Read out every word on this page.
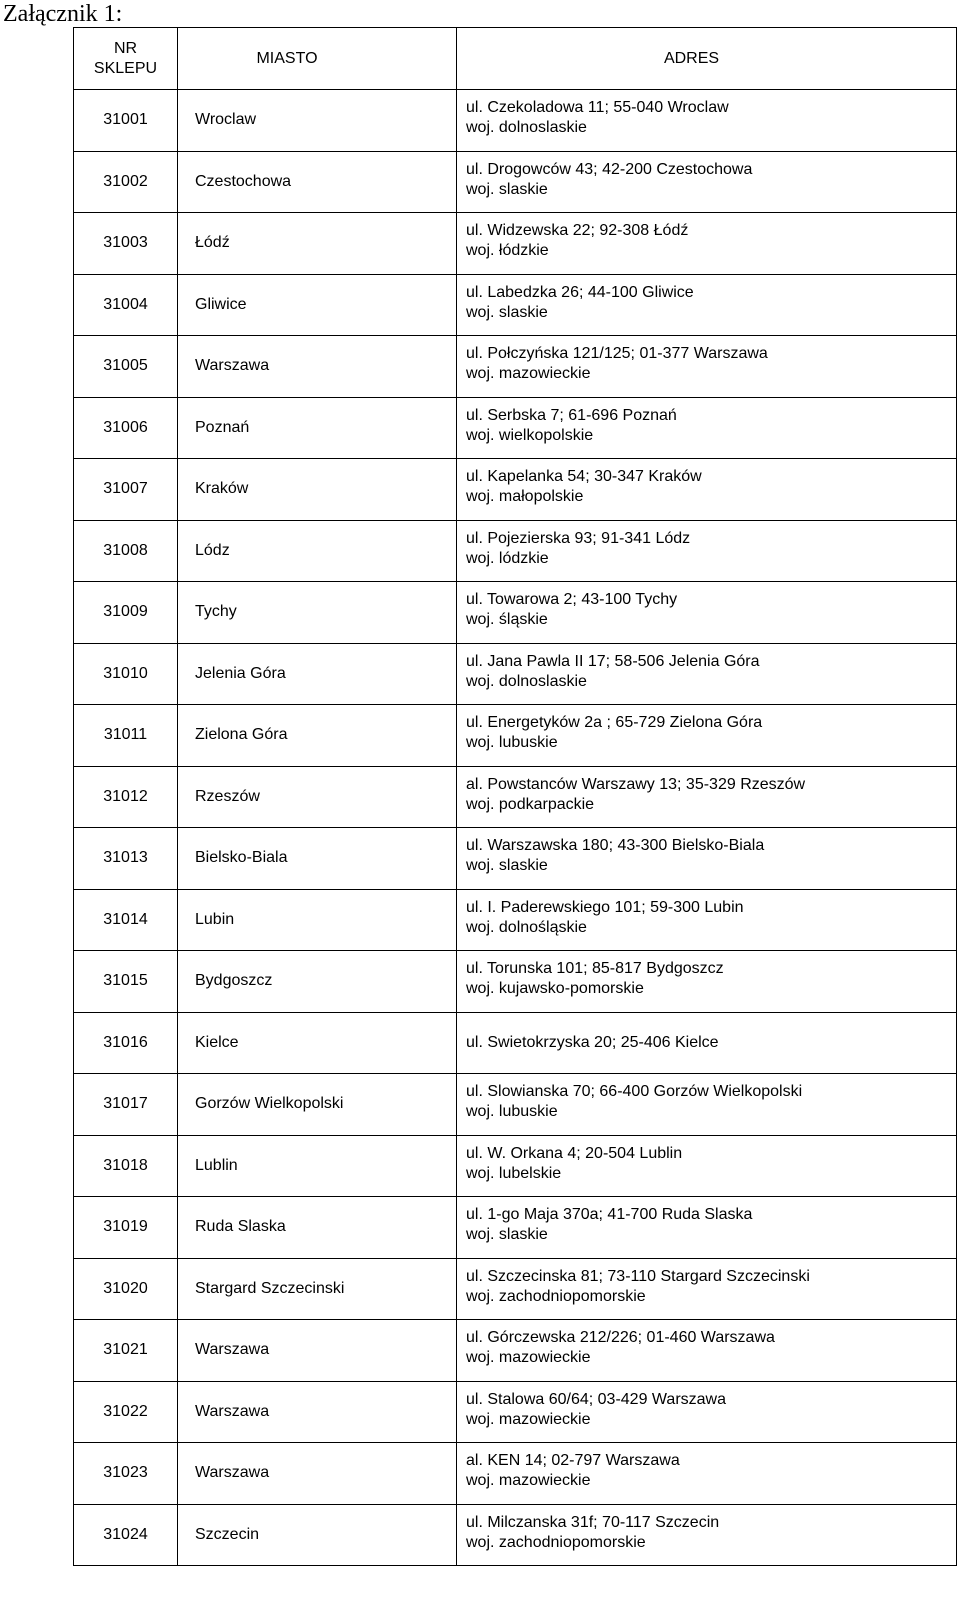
Załącznik 1:
NR
SKLEPU	MIASTO	ADRES
31001	Wroclaw	ul. Czekoladowa 11; 55-040 Wroclaw
woj. dolnoslaskie

31002	Czestochowa	ul. Drogowców 43; 42-200 Czestochowa
woj. slaskie

31003	Łódź	ul. Widzewska 22; 92-308 Łódź
woj. łódzkie

31004	Gliwice	ul. Labedzka 26; 44-100 Gliwice
woj. slaskie

31005	Warszawa	ul. Połczyńska 121/125; 01-377 Warszawa
woj. mazowieckie

31006	Poznań	ul. Serbska 7; 61-696 Poznań
woj. wielkopolskie

31007	Kraków	ul. Kapelanka 54; 30-347 Kraków
woj. małopolskie

31008	Lódz	ul. Pojezierska 93; 91-341 Lódz
woj. lódzkie

31009	Tychy	ul. Towarowa 2; 43-100 Tychy
woj. śląskie

31010	Jelenia Góra	ul. Jana Pawla II 17; 58-506 Jelenia Góra
woj. dolnoslaskie

31011	Zielona Góra	ul. Energetyków 2a ; 65-729 Zielona Góra
woj. lubuskie

31012	Rzeszów	al. Powstanców Warszawy 13; 35-329 Rzeszów
woj. podkarpackie

31013	Bielsko-Biala	ul. Warszawska 180; 43-300 Bielsko-Biala
woj. slaskie

31014	Lubin	ul. I. Paderewskiego 101; 59-300 Lubin
woj. dolnośląskie

31015	Bydgoszcz	ul. Torunska 101; 85-817 Bydgoszcz
woj. kujawsko-pomorskie

31016	Kielce	ul. Swietokrzyska 20; 25-406 Kielce

31017	Gorzów Wielkopolski	ul. Slowianska 70; 66-400 Gorzów Wielkopolski
woj. lubuskie

31018	Lublin	ul. W. Orkana 4; 20-504 Lublin
woj. lubelskie

31019	Ruda Slaska	ul. 1-go Maja 370a; 41-700 Ruda Slaska
woj. slaskie

31020	Stargard Szczecinski	ul. Szczecinska 81; 73-110 Stargard Szczecinski
woj. zachodniopomorskie

31021	Warszawa	ul. Górczewska 212/226; 01-460 Warszawa
woj. mazowieckie

31022	Warszawa	ul. Stalowa 60/64; 03-429 Warszawa
woj. mazowieckie

31023	Warszawa	al. KEN 14; 02-797 Warszawa
woj. mazowieckie

31024	Szczecin	ul. Milczanska 31f; 70-117 Szczecin
woj. zachodniopomorskie
